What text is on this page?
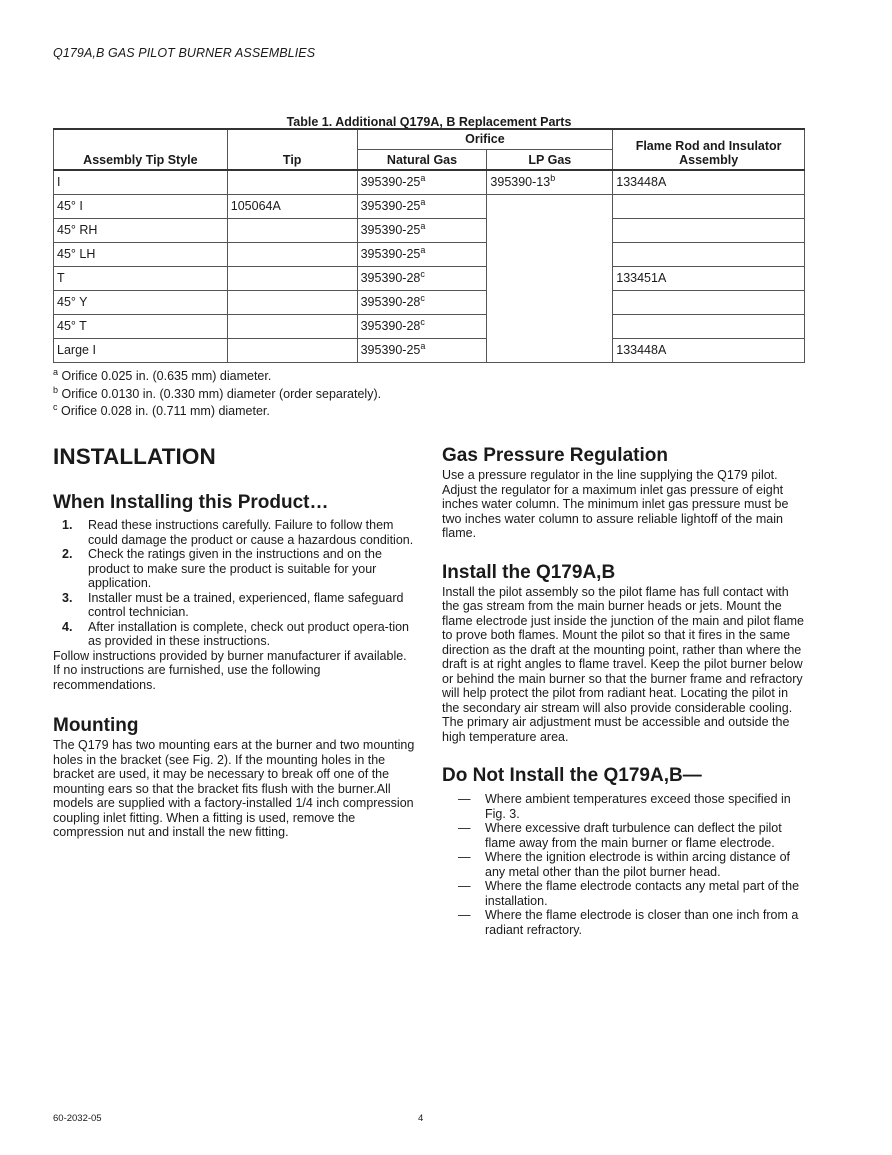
Q179A,B GAS PILOT BURNER ASSEMBLIES
Table 1. Additional Q179A, B Replacement Parts
Assembly Tip Style	Tip	Orifice		Flame Rod and Insulator Assembly
		Natural Gas	LP Gas	
I		395390-25$^a$	395390-13$^b$	133448A
45° I	105064A	395390-25$^a$		
45° RH		395390-25$^a$	
45° LH		395390-25$^a$	
T		395390-28$^c$		133451A
45° Y		395390-28$^c$	
45° T		395390-28$^c$	
Large I		395390-25$^a$		133448A
$^a$ Orifice 0.025 in. (0.635 mm) diameter.
$^b$ Orifice 0.0130 in. (0.330 mm) diameter (order separately).
$^c$ Orifice 0.028 in. (0.711 mm) diameter.
INSTALLATION
When Installing this Product…
1. Read these instructions carefully. Failure to follow them could damage the product or cause a hazardous condition.
2. Check the ratings given in the instructions and on the product to make sure the product is suitable for your application.
3. Installer must be a trained, experienced, flame safeguard control technician.
4. After installation is complete, check out product opera-tion as provided in these instructions.

Follow instructions provided by burner manufacturer if available. If no instructions are furnished, use the following recommendations.

Mounting

The Q179 has two mounting ears at the burner and two mounting holes in the bracket (see Fig. 2). If the mounting holes in the bracket are used, it may be necessary to break off one of the mounting ears so that the bracket fits flush with the burner.All models are supplied with a factory-installed 1/4 inch compression coupling inlet fitting. When a fitting is used, remove the compression nut and install the new fitting.

Gas Pressure Regulation

Use a pressure regulator in the line supplying the Q179 pilot. Adjust the regulator for a maximum inlet gas pressure of eight inches water column. The minimum inlet gas pressure must be two inches water column to assure reliable lightoff of the main flame.

Install the Q179A,B

Install the pilot assembly so the pilot flame has full contact with the gas stream from the main burner heads or jets. Mount the flame electrode just inside the junction of the main and pilot flame to prove both flames. Mount the pilot so that it fires in the same direction as the draft at the mounting point, rather than where the draft is at right angles to flame travel. Keep the pilot burner below or behind the main burner so that the burner frame and refractory will help protect the pilot from radiant heat. Locating the pilot in the secondary air stream will also provide considerable cooling. The primary air adjustment must be accessible and outside the high temperature area.

Do Not Install the Q179A,B—
— Where ambient temperatures exceed those specified in Fig. 3.
— Where excessive draft turbulence can deflect the pilot flame away from the main burner or flame electrode.
— Where the ignition electrode is within arcing distance of any metal other than the pilot burner head.
— Where the flame electrode contacts any metal part of the installation.
— Where the flame electrode is closer than one inch from a radiant refractory.
60-2032-05	4
